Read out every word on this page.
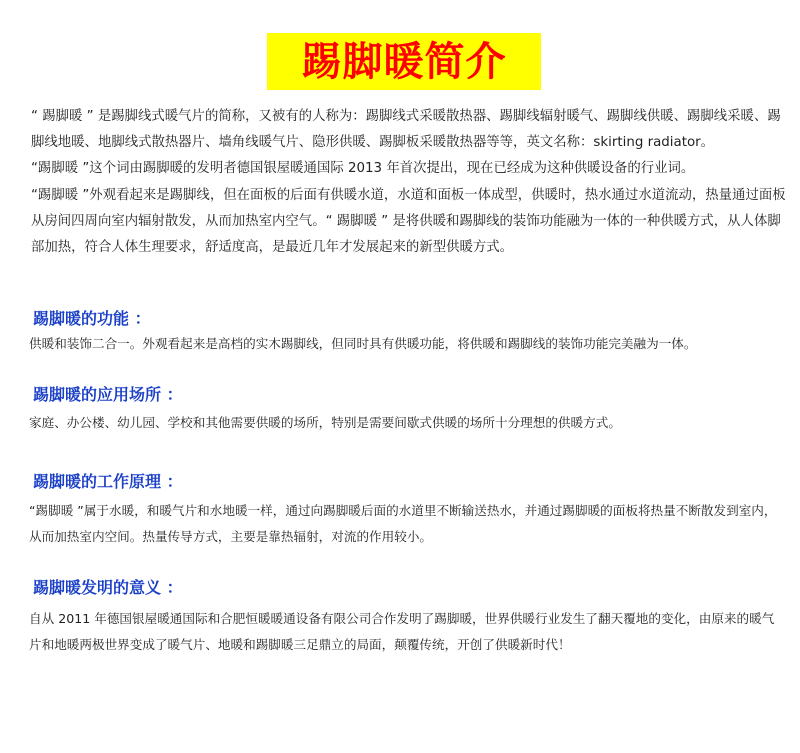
踢脚暖简介

“ 踢脚暖 ” 是踢脚线式暖气片的简称，又被有的人称为：踢脚线式采暖散热器、踢脚线辐射暖气、踢脚线供暖、踢脚线采暖、踢脚线地暖、地脚线式散热器片、墙角线暖气片、隐形供暖、踢脚板采暖散热器等等，英文名称：skirting radiator。

“踢脚暖 ”这个词由踢脚暖的发明者德国银屋暖通国际 2013 年首次提出，现在已经成为这种供暖设备的行业词。

“踢脚暖 ”外观看起来是踢脚线，但在面板的后面有供暖水道，水道和面板一体成型，供暖时，热水通过水道流动，热量通过面板从房间四周向室内辐射散发，从而加热室内空气。“ 踢脚暖 ” 是将供暖和踢脚线的装饰功能融为一体的一种供暖方式，从人体脚部加热，符合人体生理要求，舒适度高，是最近几年才发展起来的新型供暖方式。

踢脚暖的功能 ：

供暖和装饰二合一。外观看起来是高档的实木踢脚线，但同时具有供暖功能，将供暖和踢脚线的装饰功能完美融为一体。

踢脚暖的应用场所 ：

家庭、办公楼、幼儿园、学校和其他需要供暖的场所，特别是需要间歇式供暖的场所十分理想的供暖方式。

踢脚暖的工作原理 ：

“踢脚暖 ”属于水暖，和暖气片和水地暖一样，通过向踢脚暖后面的水道里不断输送热水，并通过踢脚暖的面板将热量不断散发到室内，从而加热室内空间。热量传导方式，主要是靠热辐射，对流的作用较小。

踢脚暖发明的意义 ：

自从 2011 年德国银屋暖通国际和合肥恒暖暖通设备有限公司合作发明了踢脚暖，世界供暖行业发生了翻天覆地的变化，由原来的暖气片和地暖两极世界变成了暖气片、地暖和踢脚暖三足鼎立的局面，颠覆传统，开创了供暖新时代！
